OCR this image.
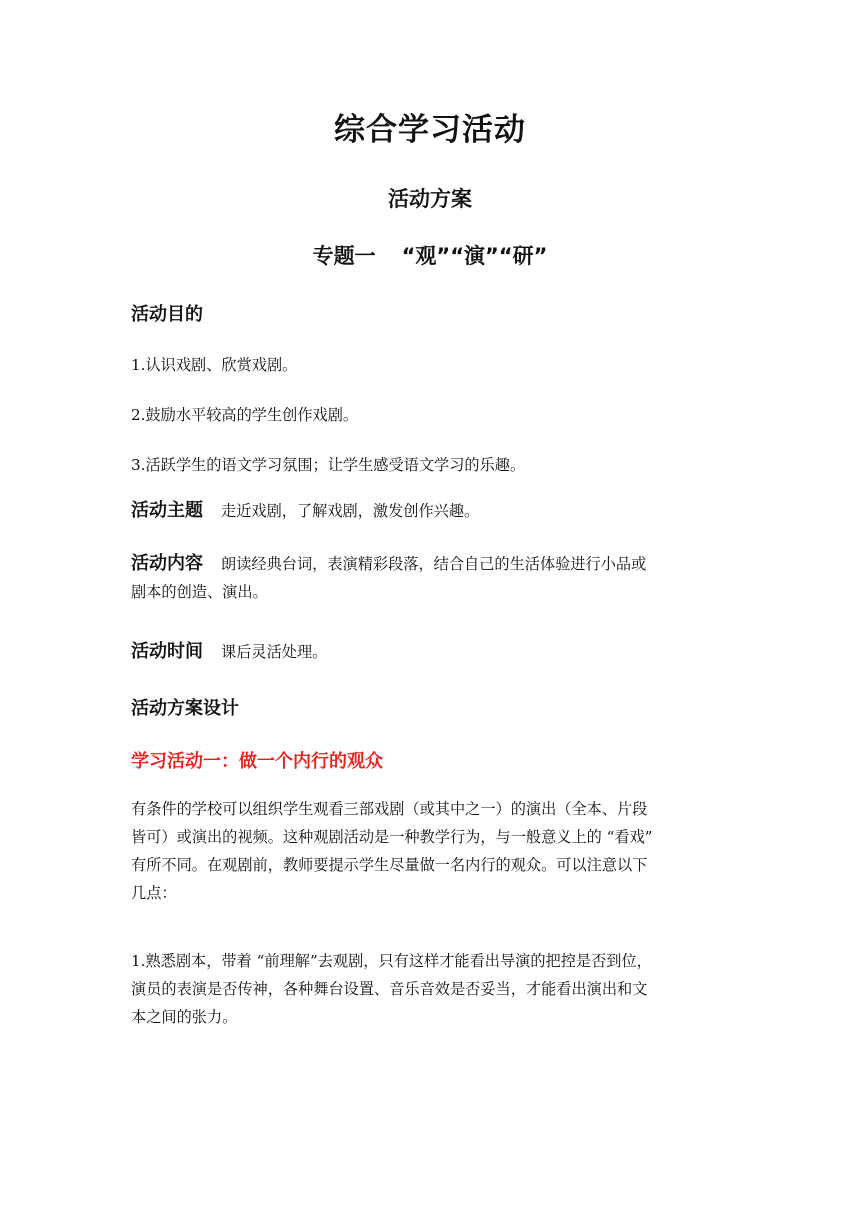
综合学习活动
活动方案
专题一 “观”“演”“研”
活动目的
1.认识戏剧、欣赏戏剧。
2.鼓励水平较高的学生创作戏剧。
3.活跃学生的语文学习氛围；让学生感受语文学习的乐趣。
活动主题 走近戏剧，了解戏剧，激发创作兴趣。
活动内容 朗读经典台词，表演精彩段落，结合自己的生活体验进行小品或
剧本的创造、演出。
活动时间 课后灵活处理。
活动方案设计
学习活动一：做一个内行的观众
有条件的学校可以组织学生观看三部戏剧（或其中之一）的演出（全本、片段
皆可）或演出的视频。这种观剧活动是一种教学行为，与一般意义上的 “看戏”
有所不同。在观剧前，教师要提示学生尽量做一名内行的观众。可以注意以下
几点：
1.熟悉剧本，带着 “前理解”去观剧，只有这样才能看出导演的把控是否到位，
演员的表演是否传神，各种舞台设置、音乐音效是否妥当，才能看出演出和文
本之间的张力。
